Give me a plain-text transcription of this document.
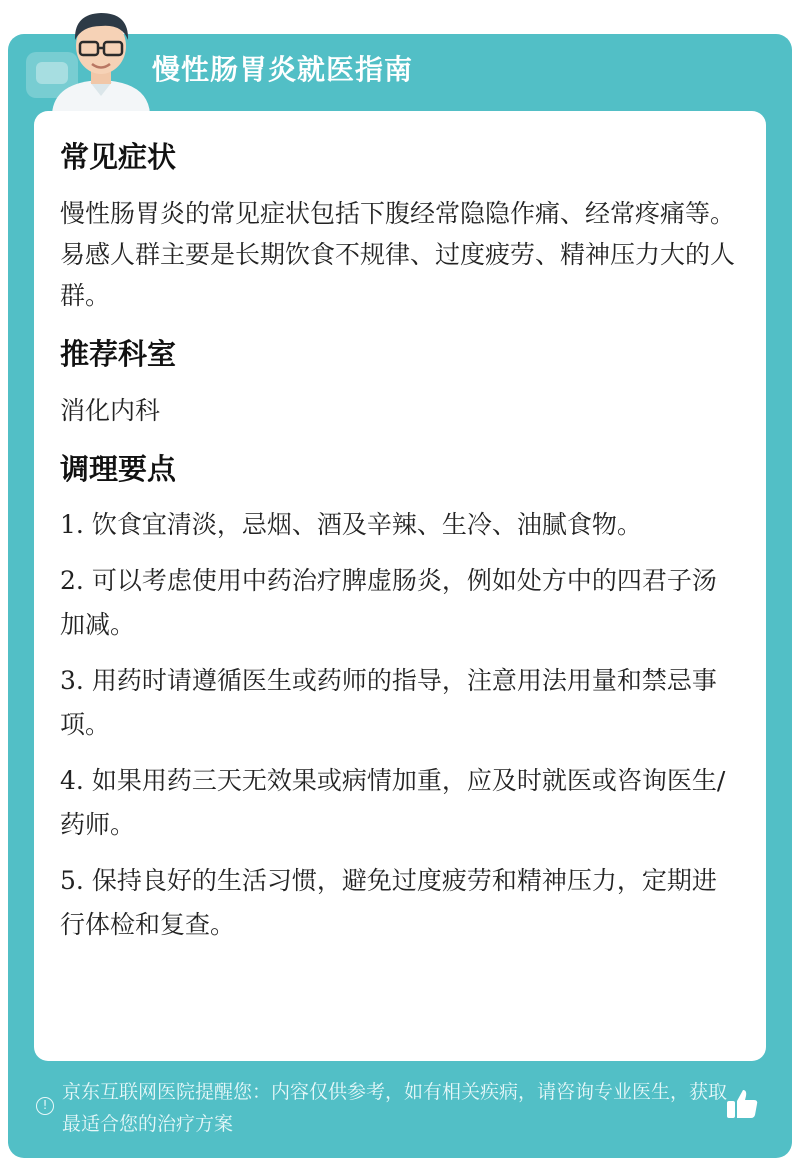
慢性肠胃炎就医指南
常见症状
慢性肠胃炎的常见症状包括下腹经常隐隐作痛、经常疼痛等。易感人群主要是长期饮食不规律、过度疲劳、精神压力大的人群。
推荐科室
消化内科
调理要点
1. 饮食宜清淡，忌烟、酒及辛辣、生冷、油腻食物。
2. 可以考虑使用中药治疗脾虚肠炎，例如处方中的四君子汤加减。
3. 用药时请遵循医生或药师的指导，注意用法用量和禁忌事项。
4. 如果用药三天无效果或病情加重，应及时就医或咨询医生/药师。
5. 保持良好的生活习惯，避免过度疲劳和精神压力，定期进行体检和复查。
!
京东互联网医院提醒您：内容仅供参考，如有相关疾病，请咨询专业医生，获取最适合您的治疗方案
